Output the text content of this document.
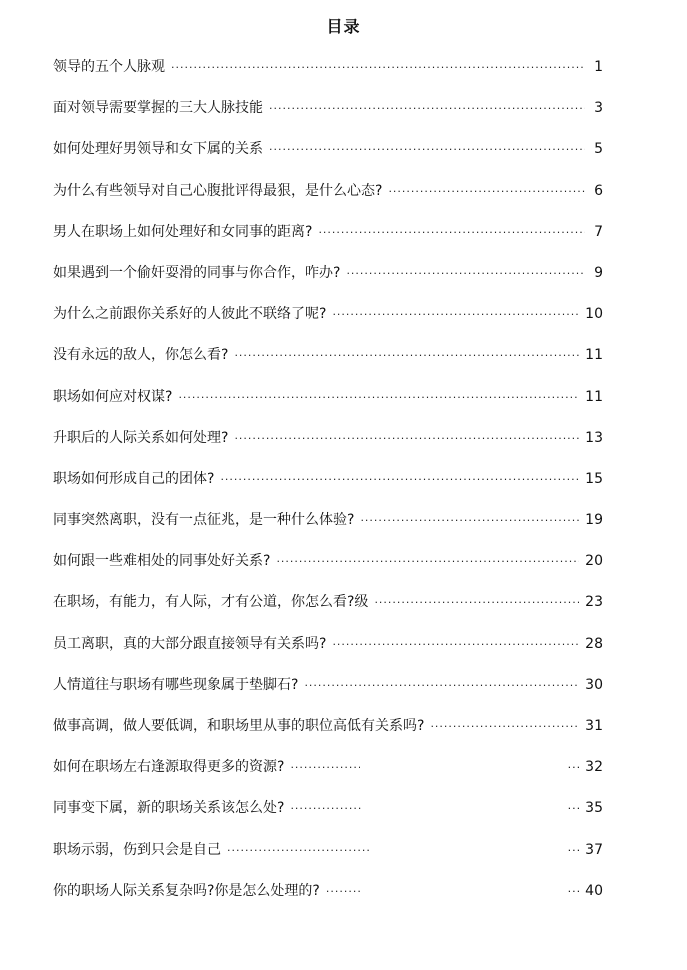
目录
领导的五个人脉观 ·····	1
面对领导需要掌握的三大人脉技能 ·····	3
如何处理好男领导和女下属的关系 ·····	5
为什么有些领导对自己心腹批评得最狠，是什么心态? ·····	6
男人在职场上如何处理好和女同事的距离? ·····	7
如果遇到一个偷奸耍滑的同事与你合作，咋办? ·····	9
为什么之前跟你关系好的人彼此不联络了呢? ·····	10
没有永远的敌人，你怎么看? ·····	11
职场如何应对权谋? ·····	11
升职后的人际关系如何处理? ·····	13
职场如何形成自己的团体? ·····	15
同事突然离职，没有一点征兆，是一种什么体验? ·····	19
如何跟一些难相处的同事处好关系? ·····	20
在职场，有能力，有人际，才有公道，你怎么看?级 ·····	23
员工离职，真的大部分跟直接领导有关系吗? ·····	28
人情道往与职场有哪些现象属于垫脚石? ·····	30
做事高调，做人要低调，和职场里从事的职位高低有关系吗? ·····	31
如何在职场左右逢源取得更多的资源? ····· ···	32
同事变下属，新的职场关系该怎么处? ····· ···	35
职场示弱，伤到只会是自己 ····· ···	37
你的职场人际关系复杂吗?你是怎么处理的? ····· ···	40
